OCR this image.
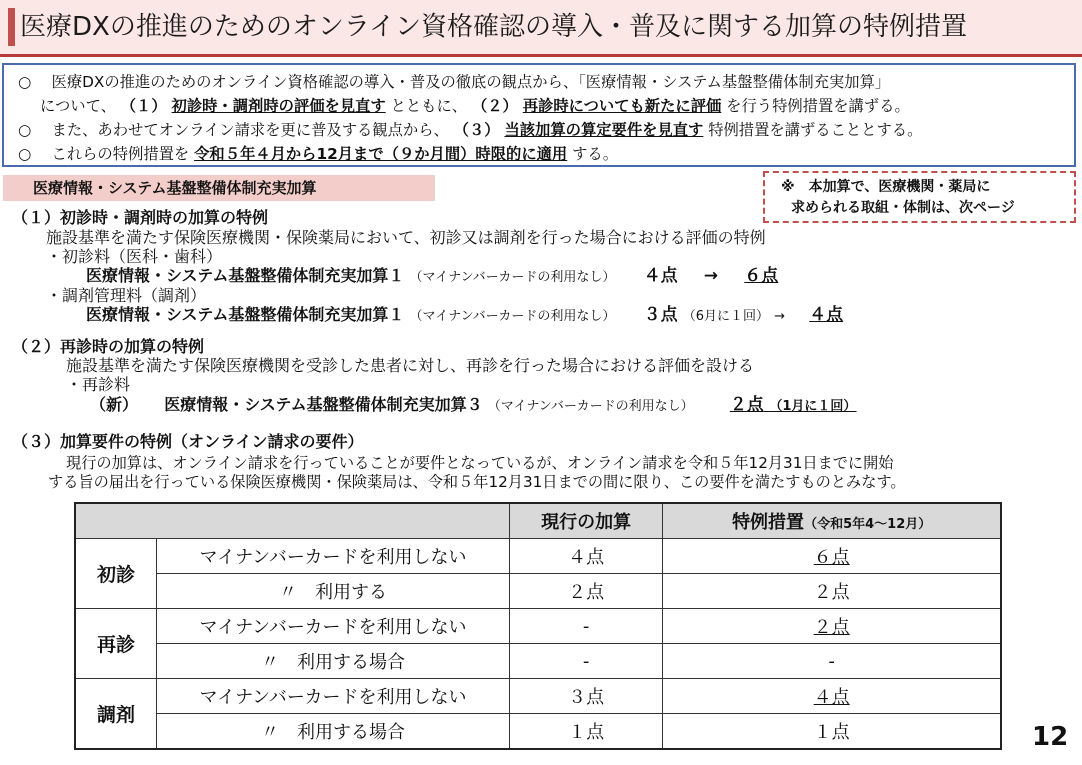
医療DXの推進のためのオンライン資格確認の導入・普及に関する加算の特例措置
○　 医療DXの推進のためのオンライン資格確認の導入・普及の徹底の観点から、「医療情報・システム基盤整備体制充実加算」
について、 （１） 初診時・調剤時の評価を見直す とともに、 （２） 再診時についても新たに評価 を行う特例措置を講ずる。
○　 また、あわせてオンライン請求を更に普及する観点から、 （３） 当該加算の算定要件を見直す 特例措置を講ずることとする。
○　 これらの特例措置を 令和５年４月から12月まで（９か月間）時限的に適用 する。
医療情報・システム基盤整備体制充実加算	※　本加算で、医療機関・薬局に
求められる取組・体制は、次ページ
（１）初診時・調剤時の加算の特例
施設基準を満たす保険医療機関・保険薬局において、初診又は調剤を行った場合における評価の特例
・初診料（医科・歯科）
医療情報・システム基盤整備体制充実加算１ （マイナンバーカードの利用なし） ４点 → ６点
・調剤管理料（調剤）
医療情報・システム基盤整備体制充実加算１ （マイナンバーカードの利用なし） ３点 （6月に１回） → ４点
（２）再診時の加算の特例
施設基準を満たす保険医療機関を受診した患者に対し、再診を行った場合における評価を設ける
・再診料
（新） 医療情報・システム基盤整備体制充実加算３ （マイナンバーカードの利用なし） ２点 （1月に１回）
（３）加算要件の特例（オンライン請求の要件）
現行の加算は、オンライン請求を行っていることが要件となっているが、オンライン請求を令和５年12月31日までに開始
する旨の届出を行っている保険医療機関・保険薬局は、令和５年12月31日までの間に限り、この要件を満たすものとみなす。
		現行の加算	特例措置（令和5年4～12月）
初診	マイナンバーカードを利用しない	４点	６点
	〃　利用する	２点	２点
再診	マイナンバーカードを利用しない	-	２点
	〃　利用する場合	-	-
調剤	マイナンバーカードを利用しない	３点	４点
	〃　利用する場合	１点	１点	12
